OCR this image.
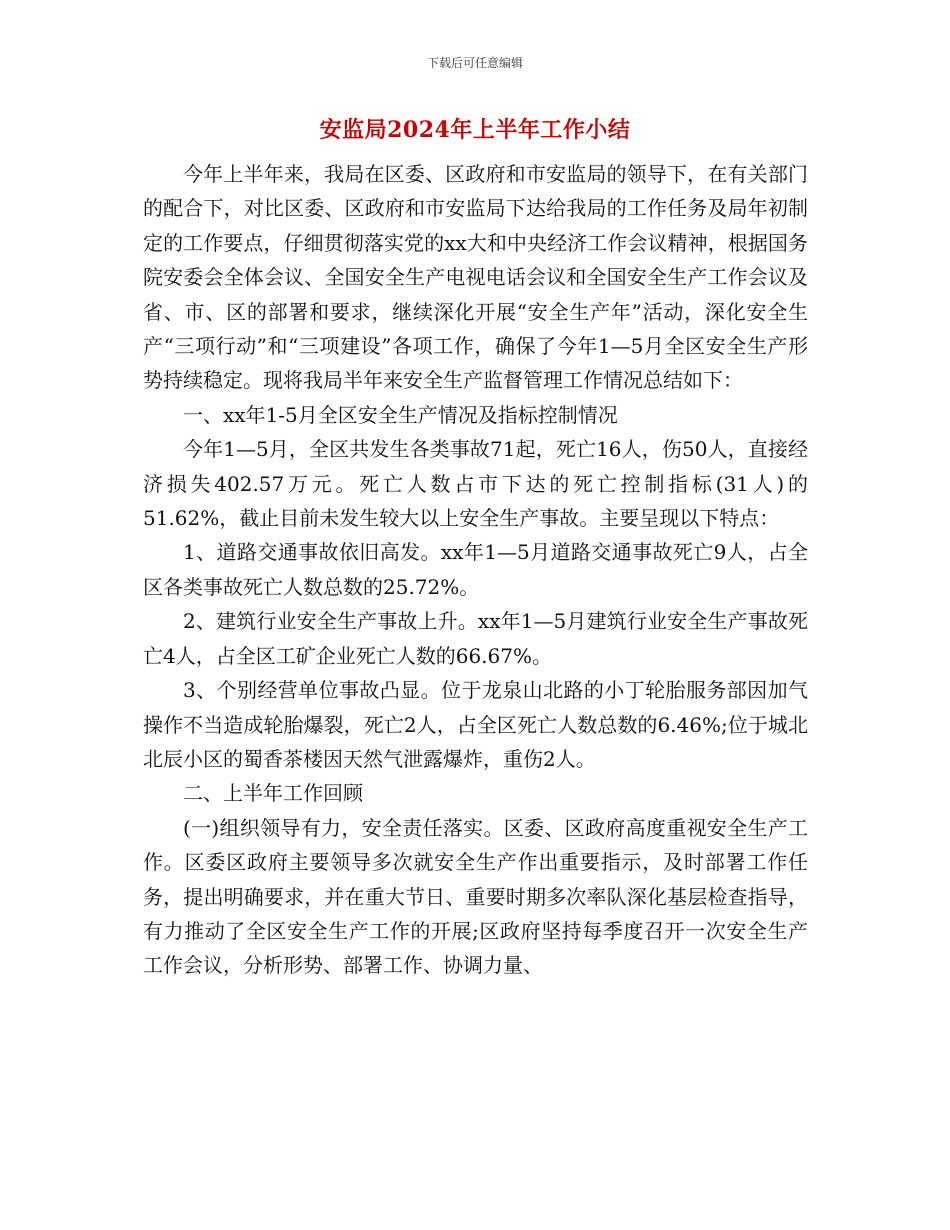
下载后可任意编辑
安监局2024年上半年工作小结

今年上半年来，我局在区委、区政府和市安监局的领导下，在有关部门的配合下，对比区委、区政府和市安监局下达给我局的工作任务及局年初制定的工作要点，仔细贯彻落实党的xx大和中央经济工作会议精神，根据国务院安委会全体会议、全国安全生产电视电话会议和全国安全生产工作会议及省、市、区的部署和要求，继续深化开展“安全生产年”活动，深化安全生产“三项行动”和“三项建设”各项工作，确保了今年1—5月全区安全生产形势持续稳定。现将我局半年来安全生产监督管理工作情况总结如下：

一、xx年1-5月全区安全生产情况及指标控制情况

今年1—5月，全区共发生各类事故71起，死亡16人，伤50人，直接经济损失402.57万元。死亡人数占市下达的死亡控制指标(31人)的51.62%，截止目前未发生较大以上安全生产事故。主要呈现以下特点：

1、道路交通事故依旧高发。xx年1—5月道路交通事故死亡9人，占全区各类事故死亡人数总数的25.72%。

2、建筑行业安全生产事故上升。xx年1—5月建筑行业安全生产事故死亡4人，占全区工矿企业死亡人数的66.67%。

3、个别经营单位事故凸显。位于龙泉山北路的小丁轮胎服务部因加气操作不当造成轮胎爆裂，死亡2人，占全区死亡人数总数的6.46%;位于城北北辰小区的蜀香茶楼因天然气泄露爆炸，重伤2人。

二、上半年工作回顾

(一)组织领导有力，安全责任落实。区委、区政府高度重视安全生产工作。区委区政府主要领导多次就安全生产作出重要指示，及时部署工作任务，提出明确要求，并在重大节日、重要时期多次率队深化基层检查指导，有力推动了全区安全生产工作的开展;区政府坚持每季度召开一次安全生产工作会议，分析形势、部署工作、协调力量、
